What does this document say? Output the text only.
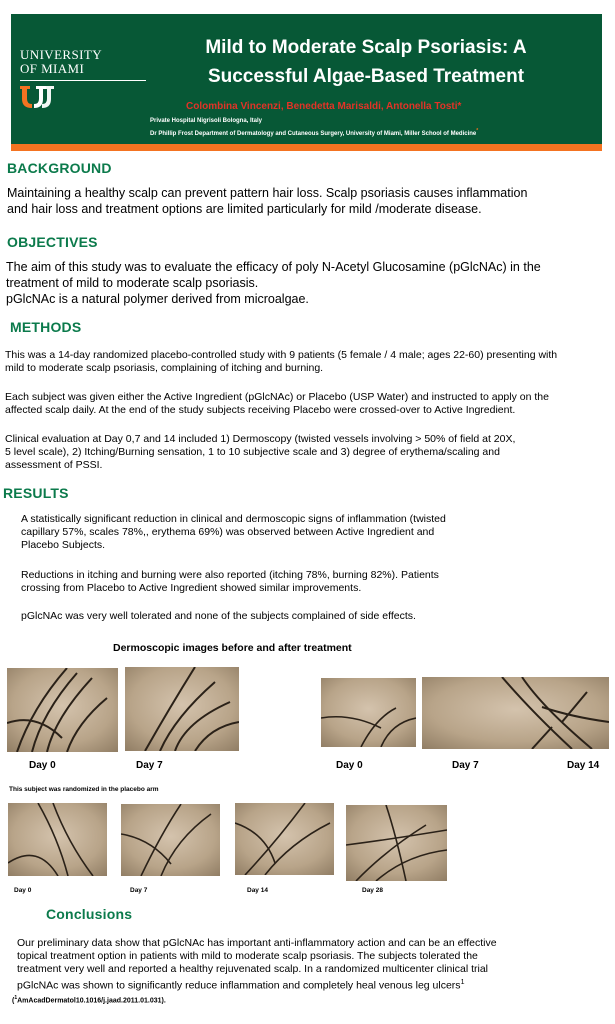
UNIVERSITY
OF MIAMI
Mild to Moderate Scalp Psoriasis: A
Successful Algae-Based Treatment
Colombina Vincenzi, Benedetta Marisaldi, Antonella Tosti*
Private Hospital Nigrisoli Bologna, Italy
Dr Phillip Frost Department of Dermatology and Cutaneous Surgery, University of Miami, Miller School of Medicine*
BACKGROUND
Maintaining a healthy scalp can prevent pattern hair loss. Scalp psoriasis causes inflammation
and hair loss and treatment options are limited particularly for mild /moderate disease.
OBJECTIVES
The aim of this study was to evaluate the efficacy of poly N-Acetyl Glucosamine (pGlcNAc) in the
treatment of mild to moderate scalp psoriasis.
pGlcNAc is a natural polymer derived from microalgae.
METHODS
This was a 14-day randomized placebo-controlled study with 9 patients (5 female / 4 male; ages 22-60) presenting with
mild to moderate scalp psoriasis, complaining of itching and burning.
Each subject was given either the Active Ingredient (pGlcNAc) or Placebo (USP Water) and instructed to apply on the
affected scalp daily. At the end of the study subjects receiving Placebo were crossed-over to Active Ingredient.
Clinical evaluation at Day 0,7 and 14 included 1) Dermoscopy (twisted vessels involving > 50% of field at 20X,
5 level scale), 2) Itching/Burning sensation, 1 to 10 subjective scale and 3) degree of erythema/scaling and
assessment of PSSI.
RESULTS
A statistically significant reduction in clinical and dermoscopic signs of inflammation (twisted
capillary 57%, scales 78%,, erythema 69%) was observed between Active Ingredient and
Placebo Subjects.
Reductions in itching and burning were also reported (itching 78%, burning 82%). Patients
crossing from Placebo to Active Ingredient showed similar improvements.
pGlcNAc was very well tolerated and none of the subjects complained of side effects.
Dermoscopic images before and after treatment
Day 0	Day 7	Day 0	Day 7	Day 14
This subject was randomized in the placebo arm
Day 0	Day 7	Day 14	Day 28
Conclusions
Our preliminary data show that pGlcNAc has important anti-inflammatory action and can be an effective
topical treatment option in patients with mild to moderate scalp psoriasis. The subjects tolerated the
treatment very well and reported a healthy rejuvenated scalp. In a randomized multicenter clinical trial
pGlcNAc was shown to significantly reduce inflammation and completely heal venous leg ulcers$^1$
($^1$AmAcadDermatol10.1016/j.jaad.2011.01.031).
